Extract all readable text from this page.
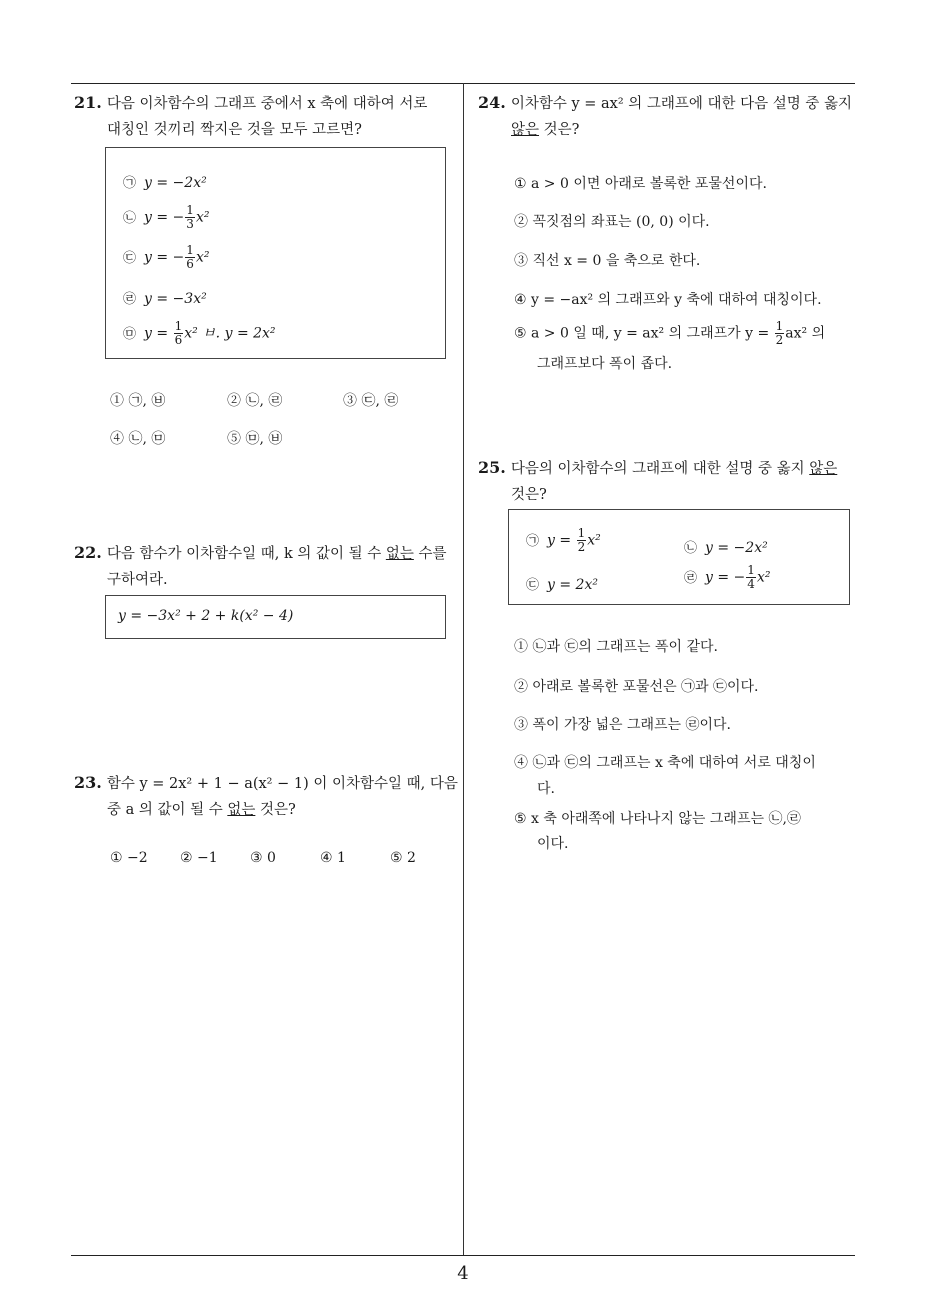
21. 다음 이차함수의 그래프 중에서 x 축에 대하여 서로
대칭인 것끼리 짝지은 것을 모두 고르면?
㉠ y = −2x²
㉡ y = − $\frac{1}{3} x^2$
㉢ y = − $\frac{1}{6} x^2$
㉣ y = −3x²
㉤ $y = \frac{1}{6} x^2$ ㅂ. y = 2x²
① ㉠, ㉥	② ㉡, ㉣	③ ㉢, ㉣
④ ㉡, ㉤	⑤ ㉤, ㉥
22. 다음 함수가 이차함수일 때, k 의 값이 될 수 없는 수를
구하여라.
y = −3x² + 2 + k(x² − 4)
23. 함수 y = 2x² + 1 − a(x² − 1) 이 이차함수일 때, 다음
중 a 의 값이 될 수 없는 것은?
① −2 ② −1 ③ 0	④ 1	⑤ 2
24. 이차함수 y = ax² 의 그래프에 대한 다음 설명 중 옳지
않은 것은?
① a > 0 이면 아래로 볼록한 포물선이다.
② 꼭짓점의 좌표는 (0, 0) 이다.
③ 직선 x = 0 을 축으로 한다.
④ y = −ax² 의 그래프와 y 축에 대하여 대칭이다.
⑤ a > 0 일 때, y = ax² 의 그래프가 $y = \frac{1}{2} ax^2$ 의
그래프보다 폭이 좁다.
25. 다음의 이차함수의 그래프에 대한 설명 중 옳지 않은
것은?
㉠ $y = \frac{1}{2} x^2$	㉡ y = −2x²
㉢ y = 2x²	㉣ y = − $\frac{1}{4} x^2$
① ㉡과 ㉢의 그래프는 폭이 같다.
② 아래로 볼록한 포물선은 ㉠과 ㉢이다.
③ 폭이 가장 넓은 그래프는 ㉣이다.
④ ㉡과 ㉢의 그래프는 x 축에 대하여 서로 대칭이
다.
⑤ x 축 아래쪽에 나타나지 않는 그래프는 ㉡,㉣
이다.
4
